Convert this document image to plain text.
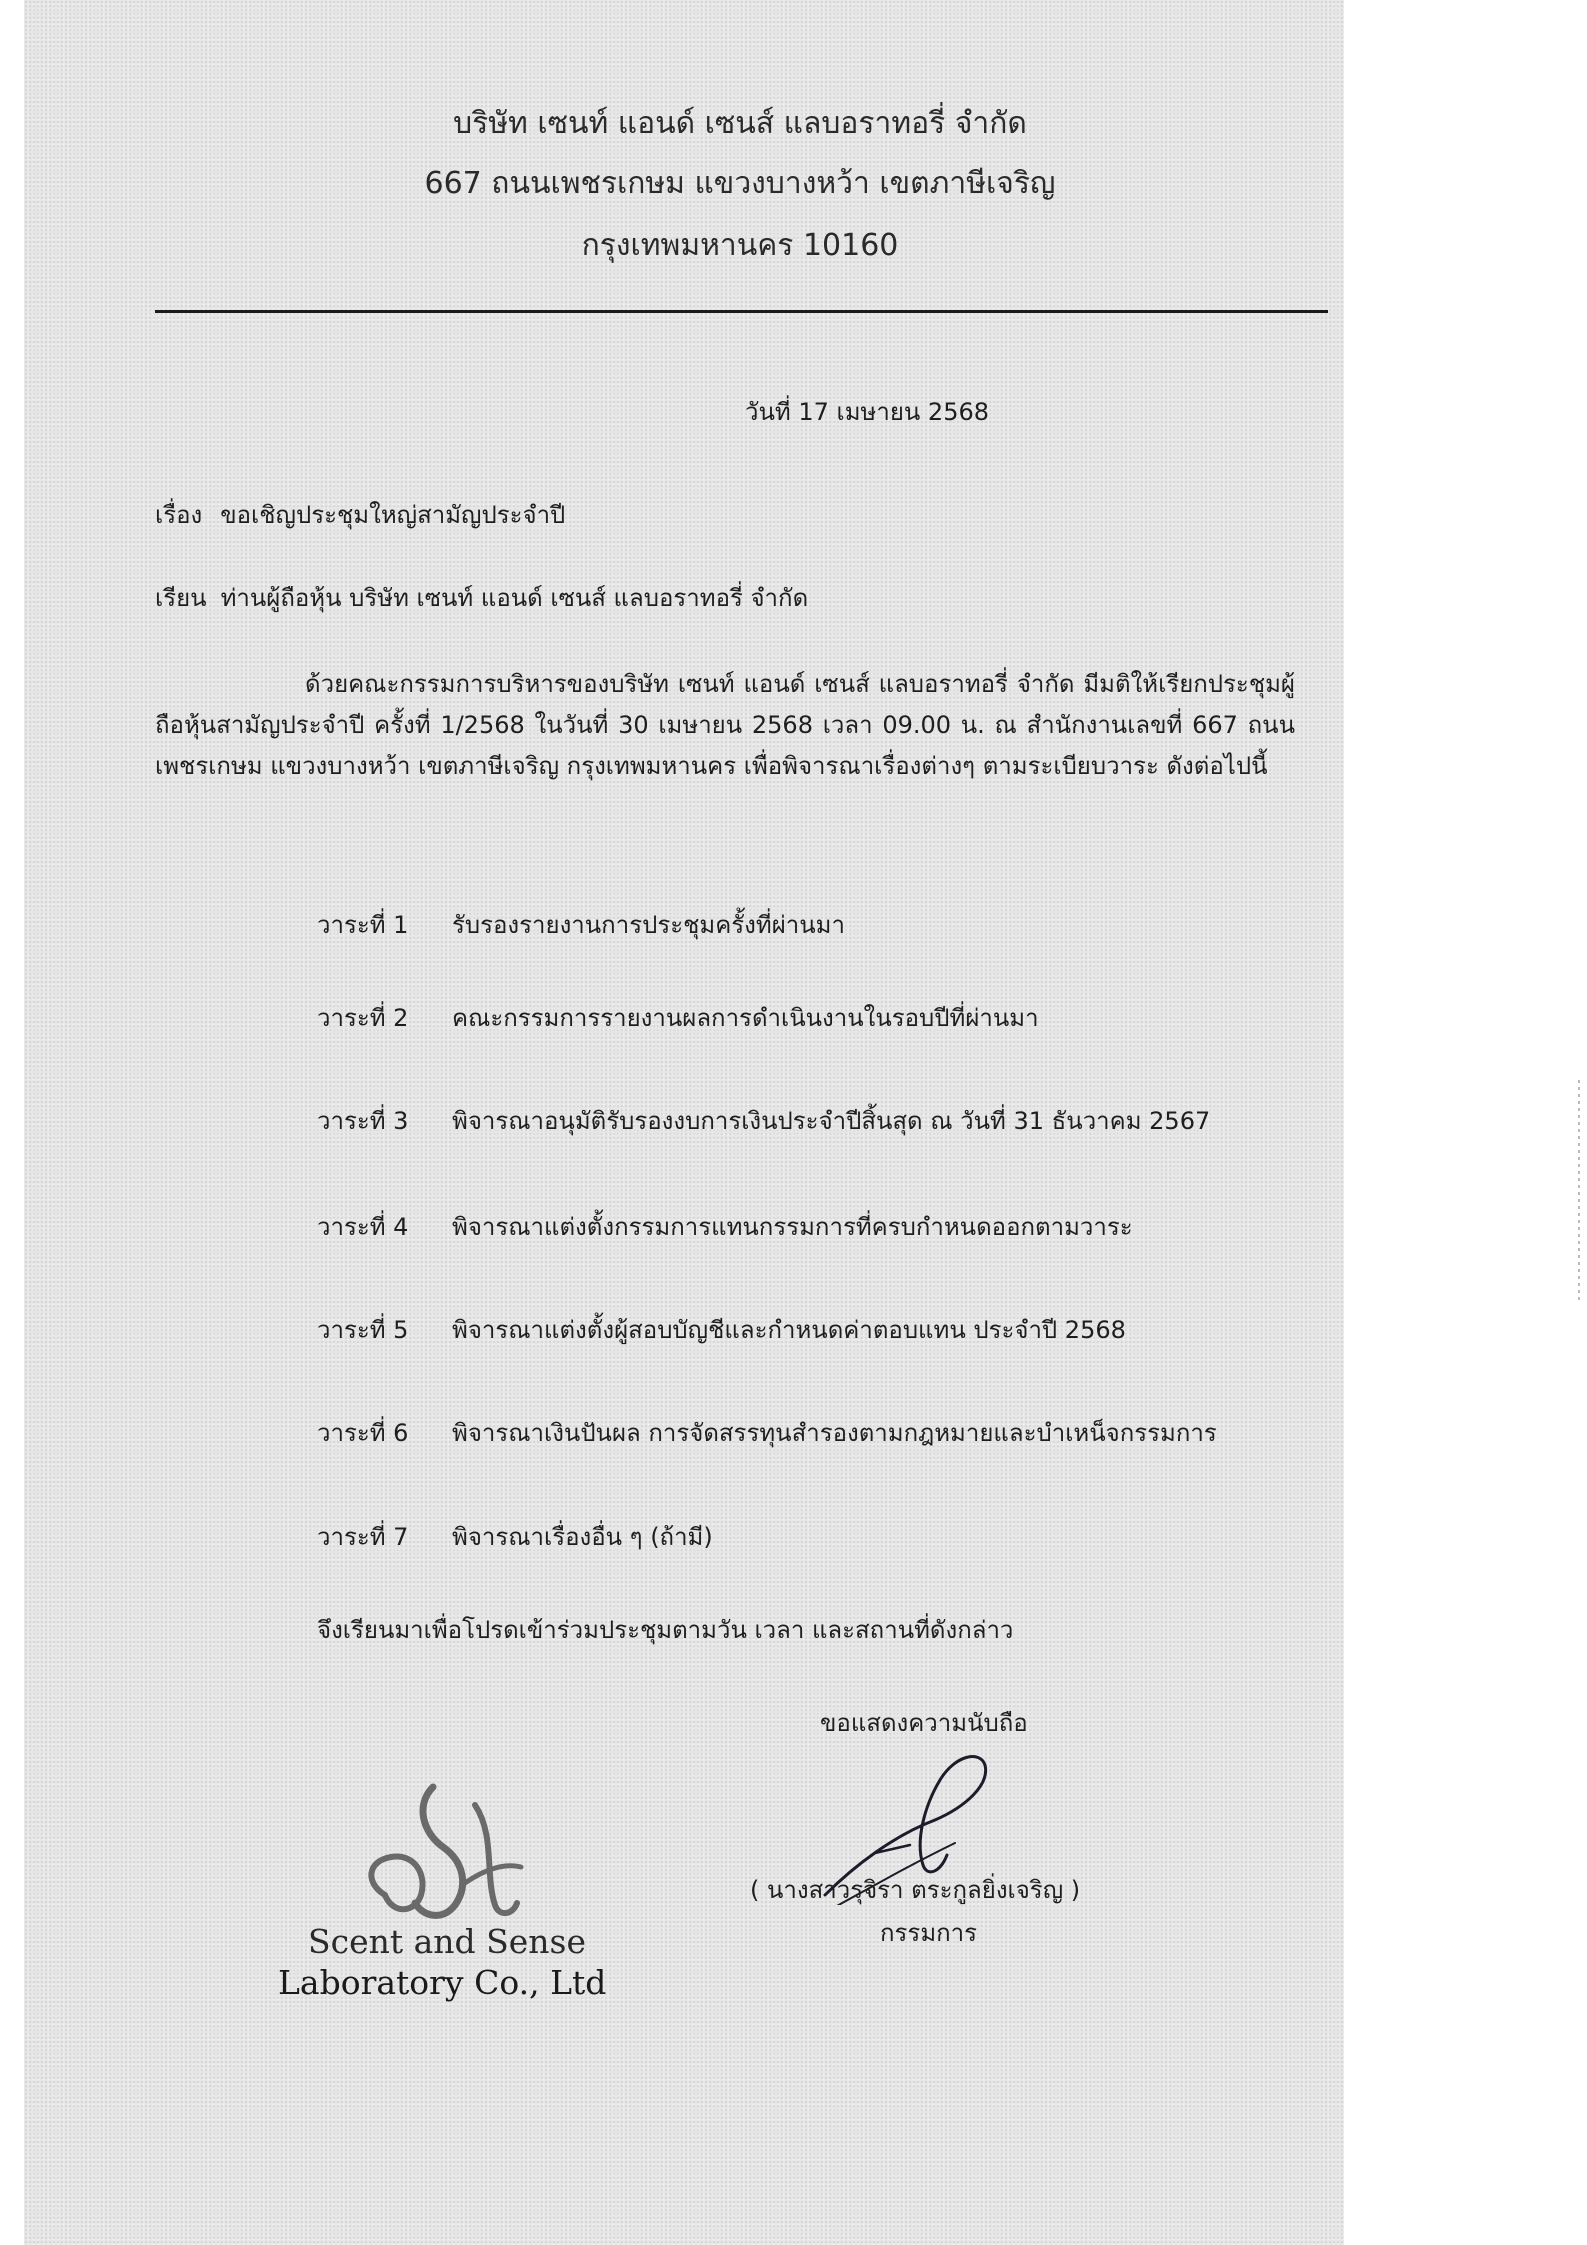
บริษัท เซนท์ แอนด์ เซนส์ แลบอราทอรี่ จำกัด
667 ถนนเพชรเกษม แขวงบางหว้า เขตภาษีเจริญ
กรุงเทพมหานคร 10160
วันที่ 17 เมษายน 2568
เรื่อง ขอเชิญประชุมใหญ่สามัญประจำปี
เรียน ท่านผู้ถือหุ้น บริษัท เซนท์ แอนด์ เซนส์ แลบอราทอรี่ จำกัด
ด้วยคณะกรรมการบริหารของบริษัท เซนท์ แอนด์ เซนส์ แลบอราทอรี่ จำกัด มีมติให้เรียกประชุมผู้ถือหุ้นสามัญประจำปี ครั้งที่ 1/2568 ในวันที่ 30 เมษายน 2568 เวลา 09.00 น. ณ สำนักงานเลขที่ 667 ถนนเพชรเกษม แขวงบางหว้า เขตภาษีเจริญ กรุงเทพมหานคร เพื่อพิจารณาเรื่องต่างๆ ตามระเบียบวาระ ดังต่อไปนี้
วาระที่ 1 รับรองรายงานการประชุมครั้งที่ผ่านมา
วาระที่ 2 คณะกรรมการรายงานผลการดำเนินงานในรอบปีที่ผ่านมา
วาระที่ 3 พิจารณาอนุมัติรับรองงบการเงินประจำปีสิ้นสุด ณ วันที่ 31 ธันวาคม 2567
วาระที่ 4 พิจารณาแต่งตั้งกรรมการแทนกรรมการที่ครบกำหนดออกตามวาระ
วาระที่ 5 พิจารณาแต่งตั้งผู้สอบบัญชีและกำหนดค่าตอบแทน ประจำปี 2568
วาระที่ 6 พิจารณาเงินปันผล การจัดสรรทุนสำรองตามกฎหมายและบำเหน็จกรรมการ
วาระที่ 7 พิจารณาเรื่องอื่น ๆ (ถ้ามี)
จึงเรียนมาเพื่อโปรดเข้าร่วมประชุมตามวัน เวลา และสถานที่ดังกล่าว
ขอแสดงความนับถือ
( นางสาวรุจิรา ตระกูลยิ่งเจริญ )
กรรมการ
Scent and Sense
Laboratory Co., Ltd
